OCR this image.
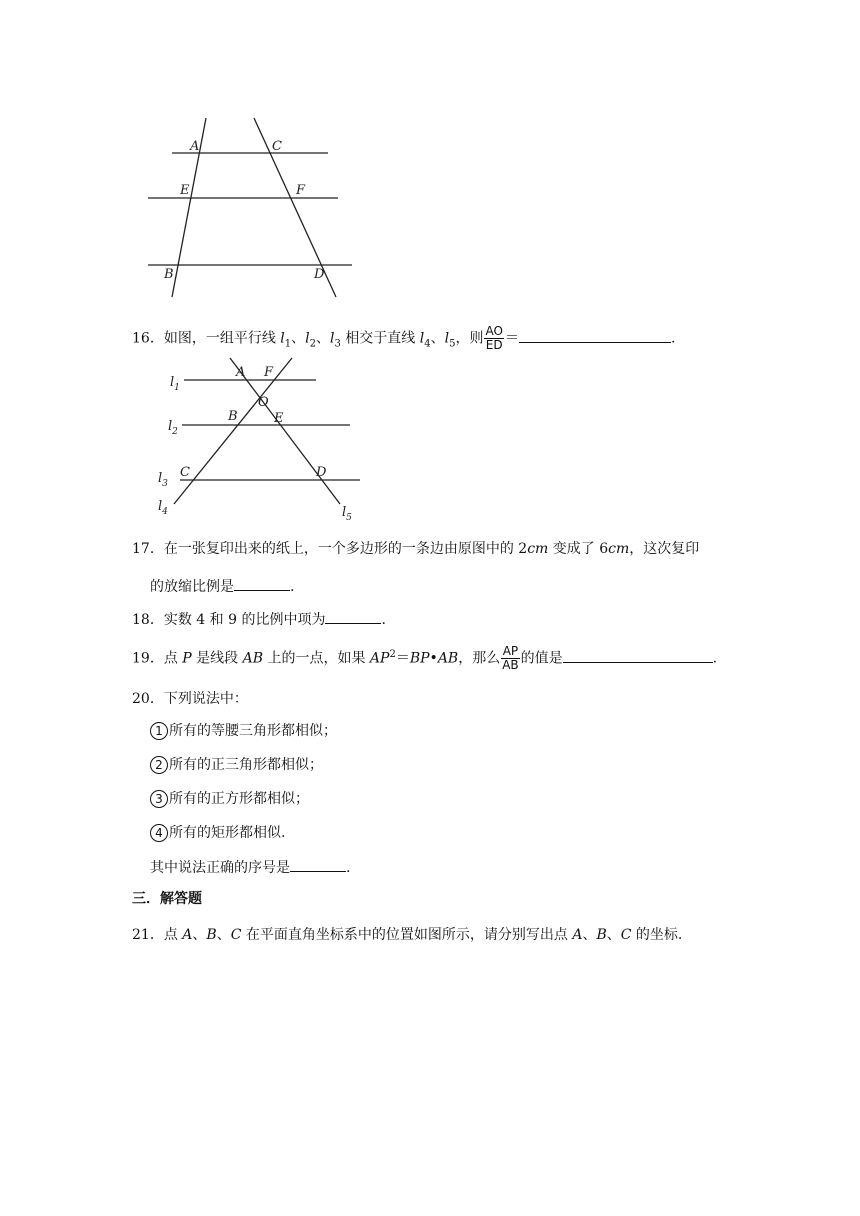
A	C
E	F
B	D
16．如图，一组平行线 $l_1$、$l_2$、$l_3$ 相交于直线 $l_4$、$l_5$，则 $\frac{AO}{ED}$ ＝	.
A F
O
B	E
C	D
$l_1$
$l_2$
$l_3$
$l_4$	$l_5$
17．在一张复印出来的纸上，一个多边形的一条边由原图中的 2cm 变成了 6cm，这次复印
的放缩比例是	.
18．实数 4 和 9 的比例中项为	.
19．点 P 是线段 AB 上的一点，如果 $AP^2=BP•AB$，那么 $\frac{AP}{AB}$ 的值是	.
20．下列说法中：
1 所有的等腰三角形都相似；
2 所有的正三角形都相似；
3 所有的正方形都相似；
4 所有的矩形都相似.
其中说法正确的序号是	.
三．解答题
21．点 A、B、C 在平面直角坐标系中的位置如图所示，请分别写出点 A、B、C 的坐标.
